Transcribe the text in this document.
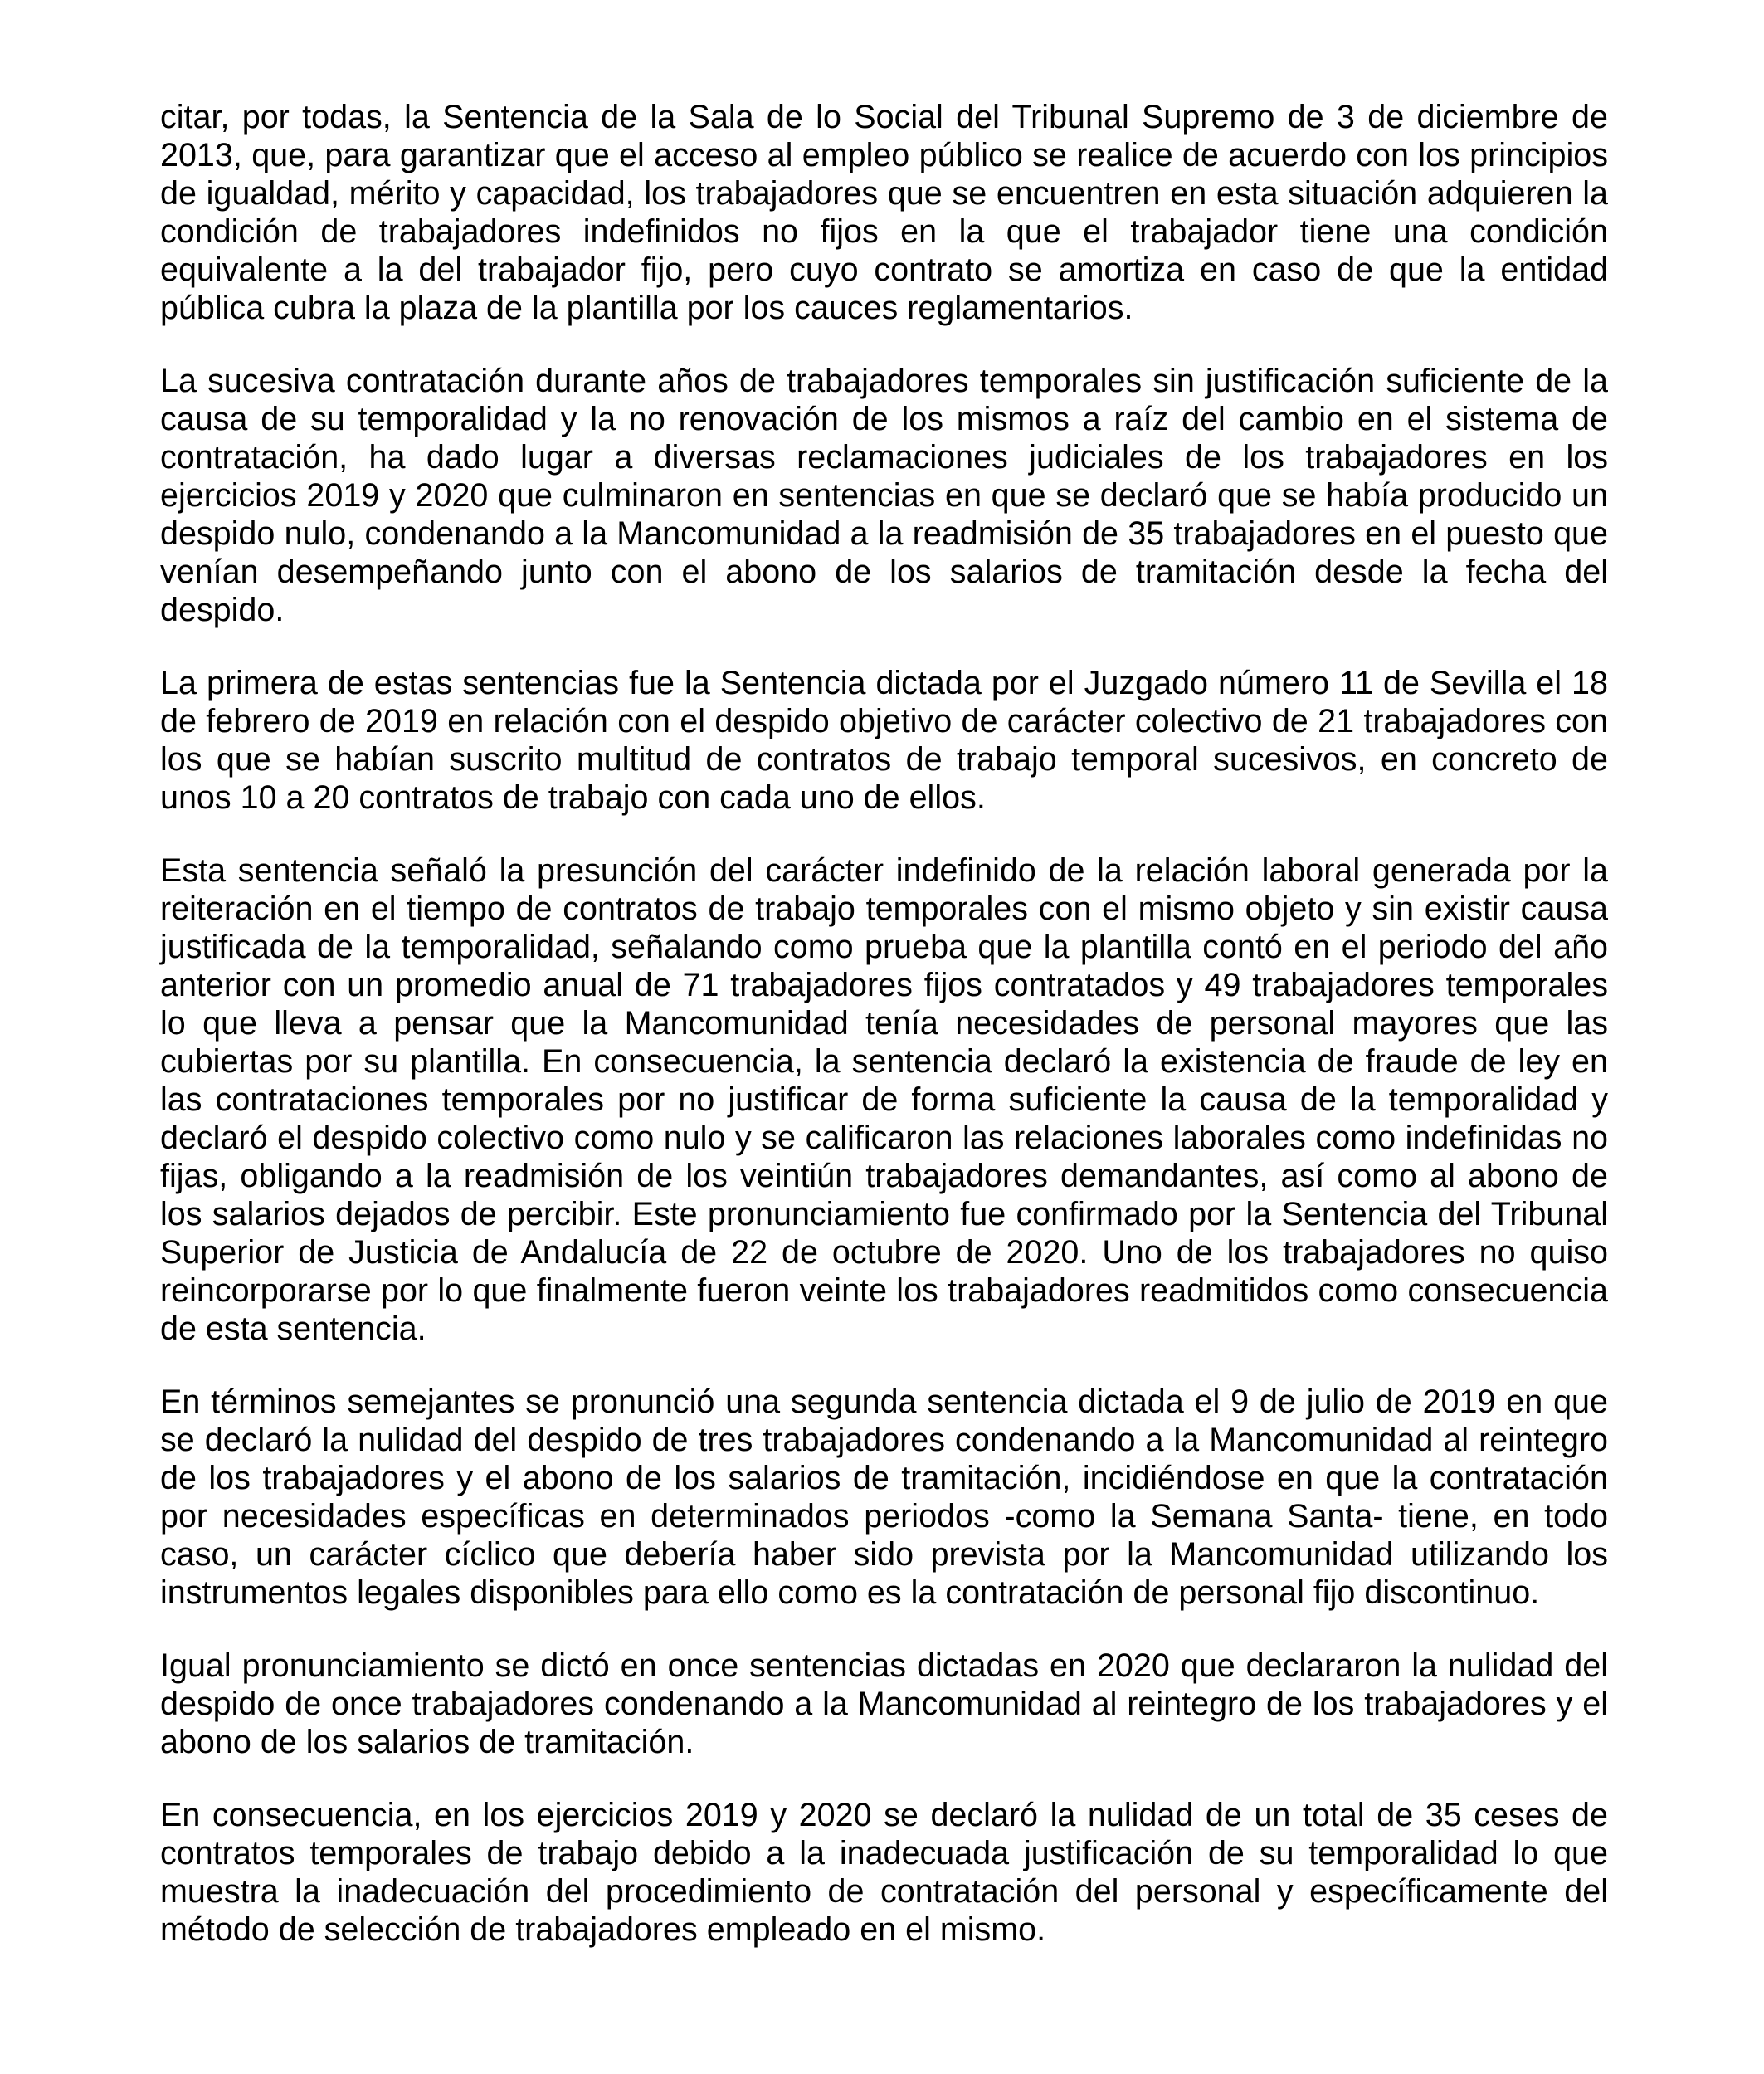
citar, por todas, la Sentencia de la Sala de lo Social del Tribunal Supremo de 3 de diciembre de 2013, que, para garantizar que el acceso al empleo público se realice de acuerdo con los principios de igualdad, mérito y capacidad, los trabajadores que se encuentren en esta situación adquieren la condición de trabajadores indefinidos no fijos en la que el trabajador tiene una condición equivalente a la del trabajador fijo, pero cuyo contrato se amortiza en caso de que la entidad pública cubra la plaza de la plantilla por los cauces reglamentarios.

La sucesiva contratación durante años de trabajadores temporales sin justificación suficiente de la causa de su temporalidad y la no renovación de los mismos a raíz del cambio en el sistema de contratación, ha dado lugar a diversas reclamaciones judiciales de los trabajadores en los ejercicios 2019 y 2020 que culminaron en sentencias en que se declaró que se había producido un despido nulo, condenando a la Mancomunidad a la readmisión de 35 trabajadores en el puesto que venían desempeñando junto con el abono de los salarios de tramitación desde la fecha del despido.

La primera de estas sentencias fue la Sentencia dictada por el Juzgado número 11 de Sevilla el 18 de febrero de 2019 en relación con el despido objetivo de carácter colectivo de 21 trabajadores con los que se habían suscrito multitud de contratos de trabajo temporal sucesivos, en concreto de unos 10 a 20 contratos de trabajo con cada uno de ellos.

Esta sentencia señaló la presunción del carácter indefinido de la relación laboral generada por la reiteración en el tiempo de contratos de trabajo temporales con el mismo objeto y sin existir causa justificada de la temporalidad, señalando como prueba que la plantilla contó en el periodo del año anterior con un promedio anual de 71 trabajadores fijos contratados y 49 trabajadores temporales lo que lleva a pensar que la Mancomunidad tenía necesidades de personal mayores que las cubiertas por su plantilla. En consecuencia, la sentencia declaró la existencia de fraude de ley en las contrataciones temporales por no justificar de forma suficiente la causa de la temporalidad y declaró el despido colectivo como nulo y se calificaron las relaciones laborales como indefinidas no fijas, obligando a la readmisión de los veintiún trabajadores demandantes, así como al abono de los salarios dejados de percibir. Este pronunciamiento fue confirmado por la Sentencia del Tribunal Superior de Justicia de Andalucía de 22 de octubre de 2020. Uno de los trabajadores no quiso reincorporarse por lo que finalmente fueron veinte los trabajadores readmitidos como consecuencia de esta sentencia.

En términos semejantes se pronunció una segunda sentencia dictada el 9 de julio de 2019 en que se declaró la nulidad del despido de tres trabajadores condenando a la Mancomunidad al reintegro de los trabajadores y el abono de los salarios de tramitación, incidiéndose en que la contratación por necesidades específicas en determinados periodos -como la Semana Santa- tiene, en todo caso, un carácter cíclico que debería haber sido prevista por la Mancomunidad utilizando los instrumentos legales disponibles para ello como es la contratación de personal fijo discontinuo.

Igual pronunciamiento se dictó en once sentencias dictadas en 2020 que declararon la nulidad del despido de once trabajadores condenando a la Mancomunidad al reintegro de los trabajadores y el abono de los salarios de tramitación.

En consecuencia, en los ejercicios 2019 y 2020 se declaró la nulidad de un total de 35 ceses de contratos temporales de trabajo debido a la inadecuada justificación de su temporalidad lo que muestra la inadecuación del procedimiento de contratación del personal y específicamente del método de selección de trabajadores empleado en el mismo.
